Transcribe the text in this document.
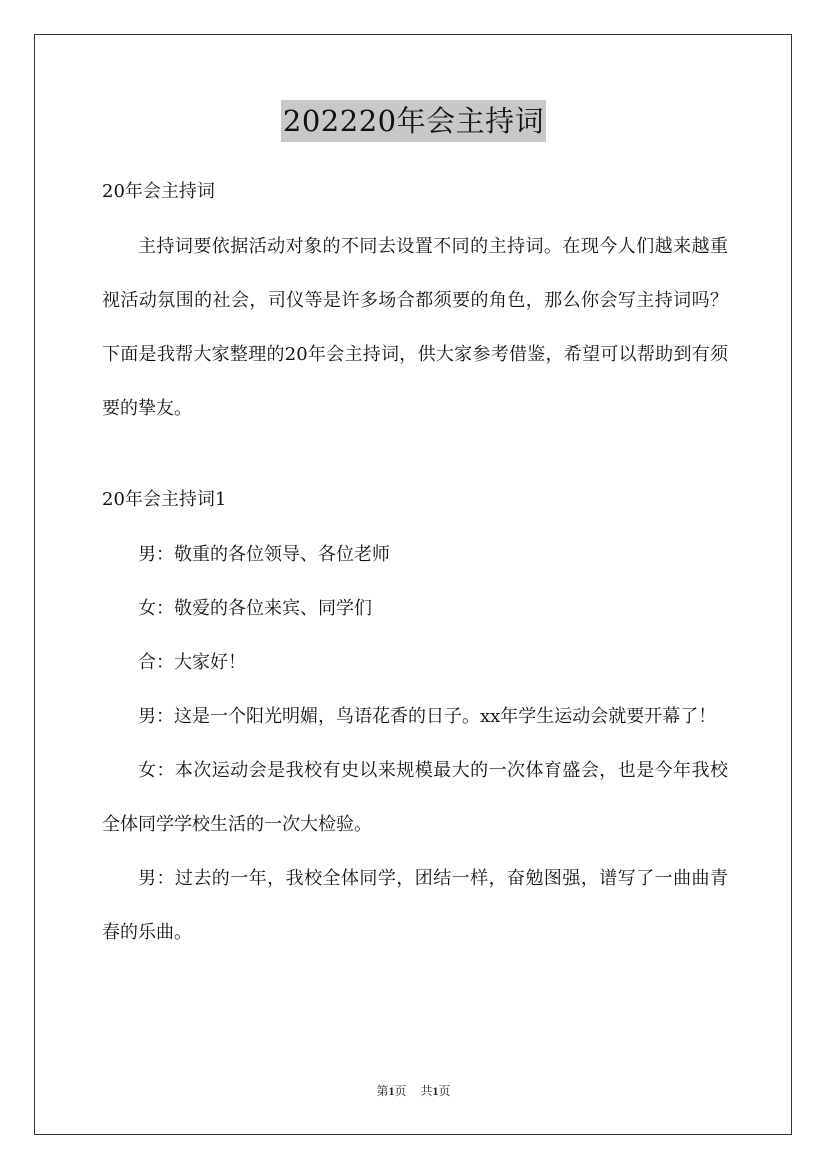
202220年会主持词

20年会主持词

主持词要依据活动对象的不同去设置不同的主持词。在现今人们越来越重视活动氛围的社会，司仪等是许多场合都须要的角色，那么你会写主持词吗？下面是我帮大家整理的20年会主持词，供大家参考借鉴，希望可以帮助到有须要的挚友。

20年会主持词1

男：敬重的各位领导、各位老师

女：敬爱的各位来宾、同学们

合：大家好！

男：这是一个阳光明媚，鸟语花香的日子。xx年学生运动会就要开幕了！

女：本次运动会是我校有史以来规模最大的一次体育盛会，也是今年我校全体同学学校生活的一次大检验。

男：过去的一年，我校全体同学，团结一样，奋勉图强，谱写了一曲曲青春的乐曲。

第1页 共1页
